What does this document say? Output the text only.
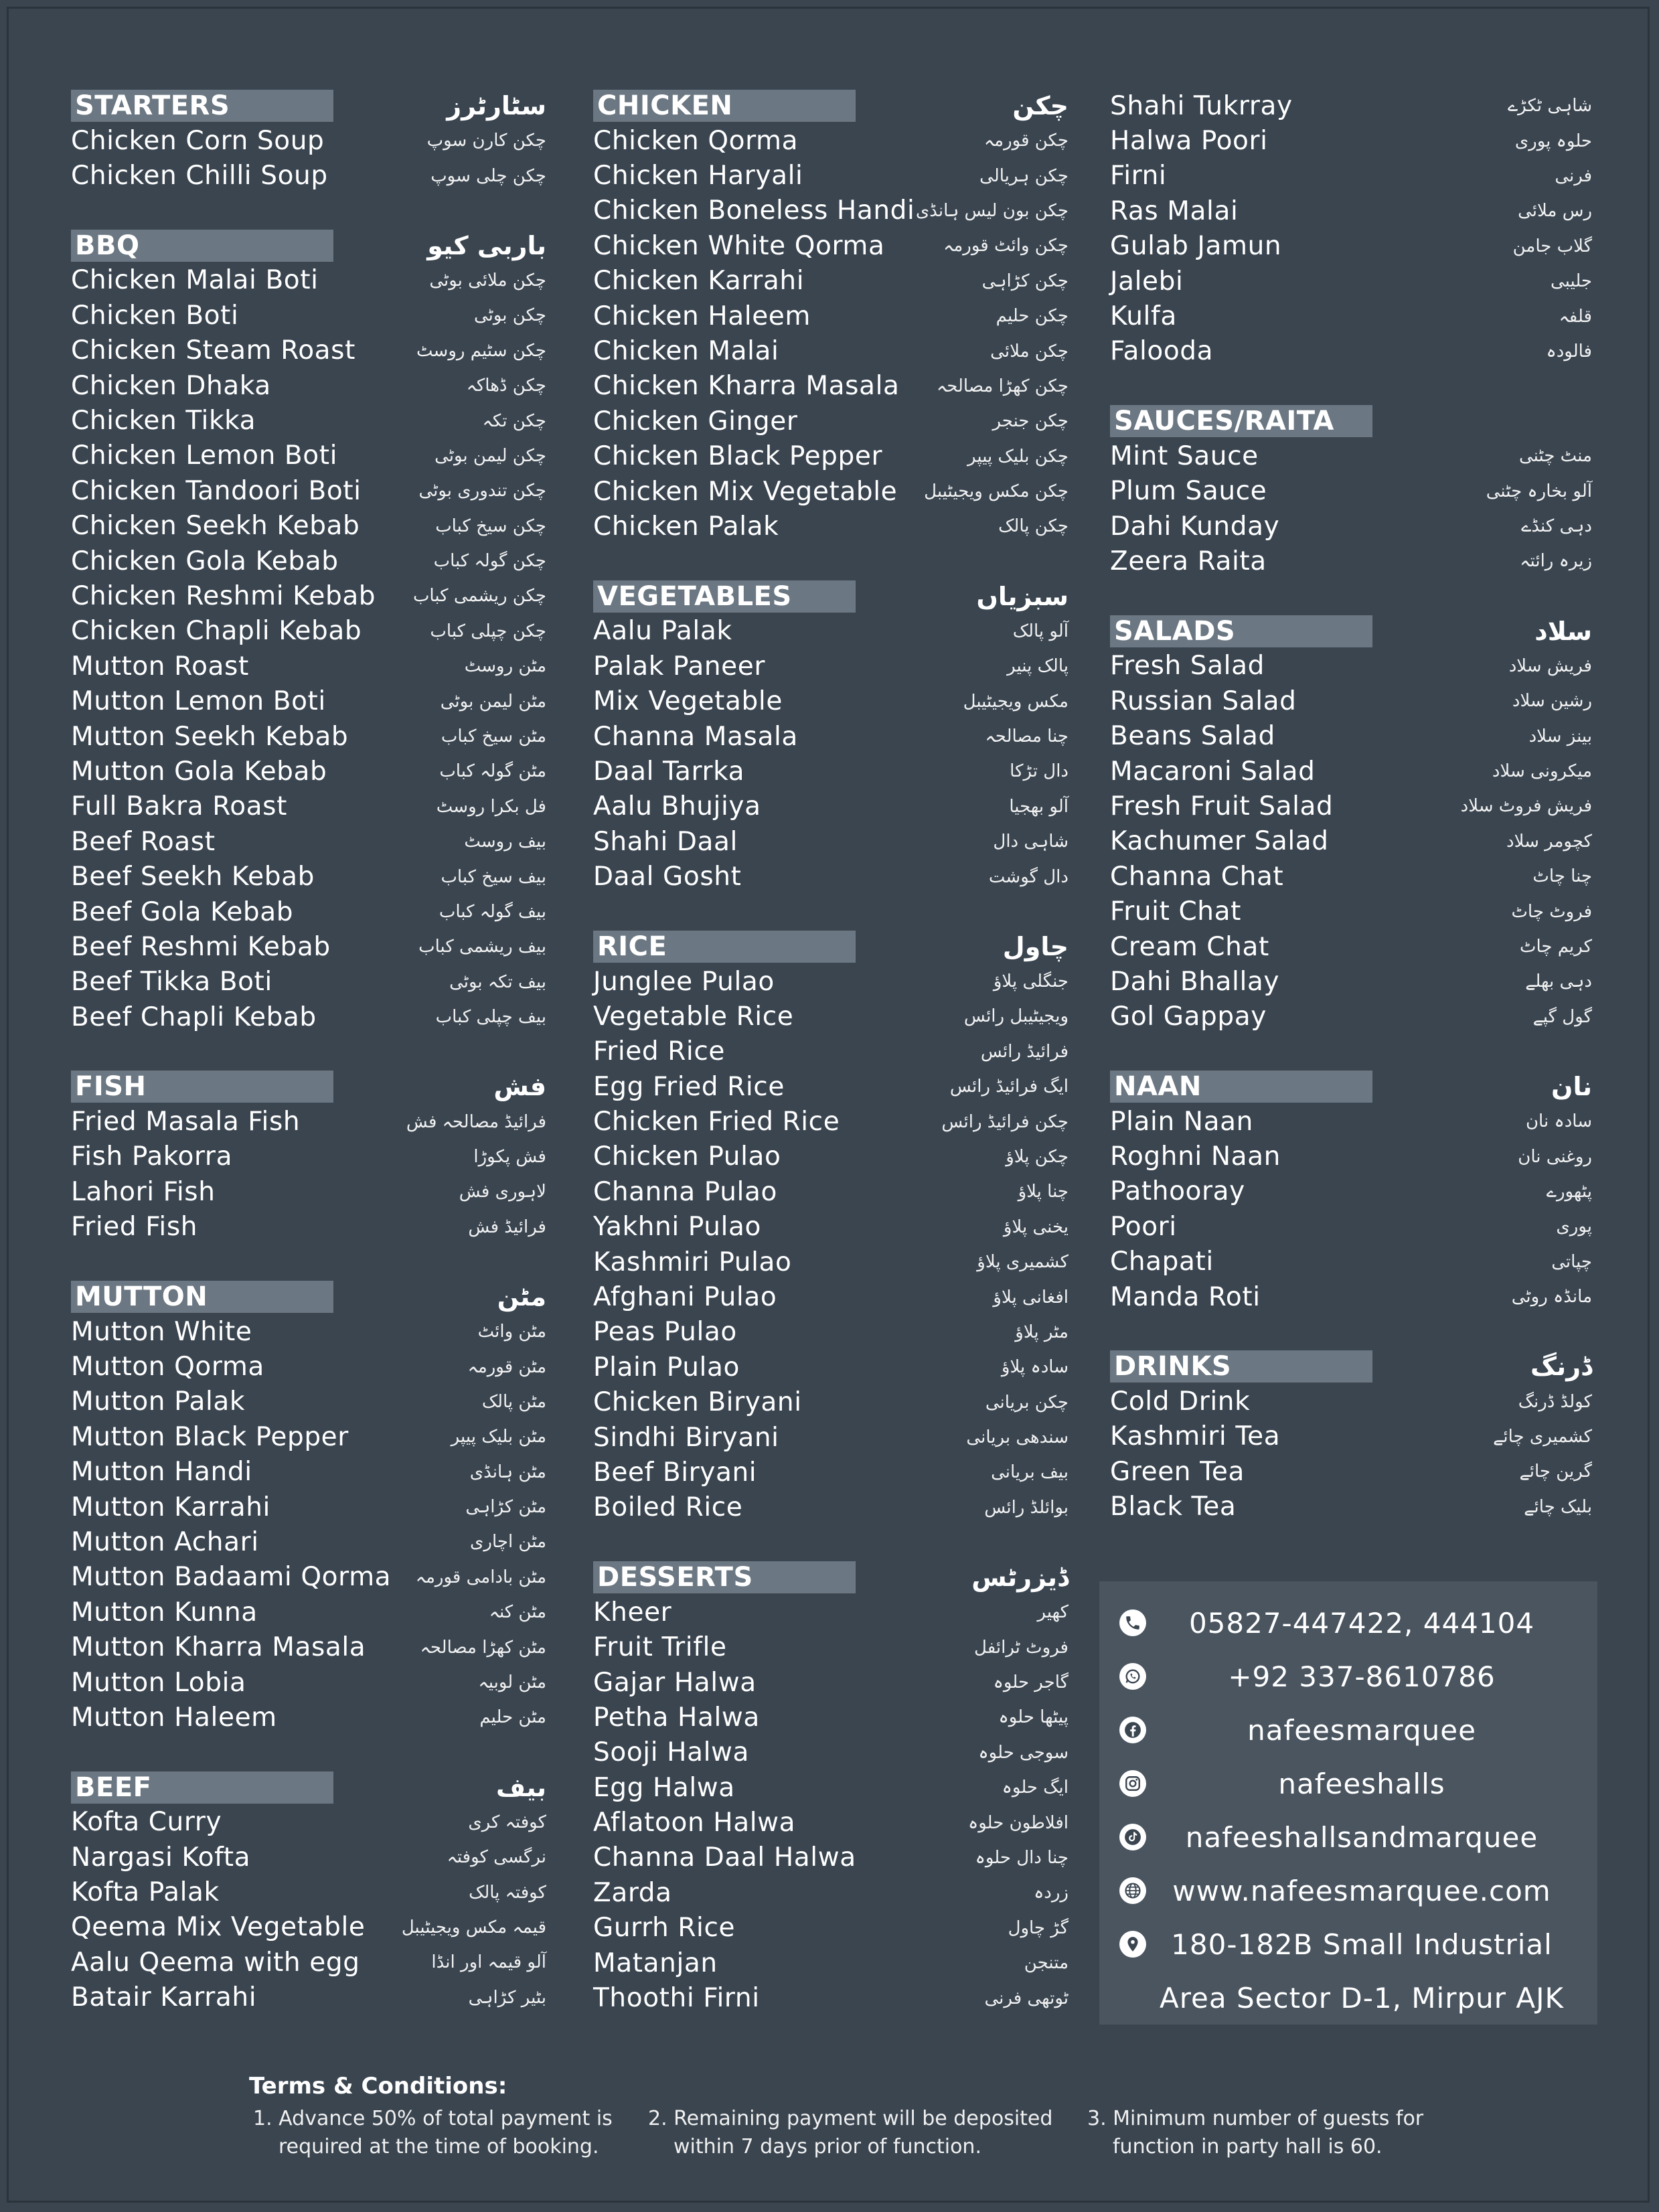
STARTERS	سٹارٹرز
Chicken Corn Soup	چکن کارن سوپ
Chicken Chilli Soup	چکن چلی سوپ
BBQ	باربی کیو
Chicken Malai Boti	چکن ملائی بوٹی
Chicken Boti	چکن بوٹی
Chicken Steam Roast	چکن سٹیم روسٹ
Chicken Dhaka	چکن ڈھاکہ
Chicken Tikka	چکن تکہ
Chicken Lemon Boti	چکن لیمن بوٹی
Chicken Tandoori Boti	چکن تندوری بوٹی
Chicken Seekh Kebab	چکن سیخ کباب
Chicken Gola Kebab	چکن گولہ کباب
Chicken Reshmi Kebab چکن ریشمی کباب
Chicken Chapli Kebab	چکن چپلی کباب
Mutton Roast	مٹن روسٹ
Mutton Lemon Boti	مٹن لیمن بوٹی
Mutton Seekh Kebab	مٹن سیخ کباب
Mutton Gola Kebab	مٹن گولہ کباب
Full Bakra Roast	فل بکرا روسٹ
Beef Roast	بیف روسٹ
Beef Seekh Kebab	بیف سیخ کباب
Beef Gola Kebab	بیف گولہ کباب
Beef Reshmi Kebab	بیف ریشمی کباب
Beef Tikka Boti	بیف تکہ بوٹی
Beef Chapli Kebab	بیف چپلی کباب
FISH	فش
Fried Masala Fish	فرائیڈ مصالحہ فش
Fish Pakorra	فش پکوڑا
Lahori Fish	لاہوری فش
Fried Fish	فرائیڈ فش
MUTTON	مٹن
Mutton White	مٹن وائٹ
Mutton Qorma	مٹن قورمہ
Mutton Palak	مٹن پالک
Mutton Black Pepper	مٹن بلیک پیپر
Mutton Handi	مٹن ہانڈی
Mutton Karrahi	مٹن کڑاہی
Mutton Achari	مٹن اچاری
Mutton Badaami Qorma مٹن بادامی قورمہ
Mutton Kunna	مٹن کنہ
Mutton Kharra Masala	مٹن کھڑا مصالحہ
Mutton Lobia	مٹن لوبیہ
Mutton Haleem	مٹن حلیم
BEEF	بیف
Kofta Curry	کوفتہ کری
Nargasi Kofta	نرگسی کوفتہ
Kofta Palak	کوفتہ پالک
Qeema Mix Vegetable قیمہ مکس ویجیٹیبل
Aalu Qeema with egg	آلو قیمہ اور انڈا
Batair Karrahi	بٹیر کڑاہی
CHICKEN	چکن
Chicken Qorma	چکن قورمہ
Chicken Haryali	چکن ہریالی
Chicken Boneless Handi چکن بون لیس ہانڈی
Chicken White Qorma	چکن وائٹ قورمہ
Chicken Karrahi	چکن کڑاہی
Chicken Haleem	چکن حلیم
Chicken Malai	چکن ملائی
Chicken Kharra Masala چکن کھڑا مصالحہ
Chicken Ginger	چکن جنجر
Chicken Black Pepper	چکن بلیک پیپر
Chicken Mix Vegetable چکن مکس ویجیٹیبل
Chicken Palak	چکن پالک
VEGETABLES	سبزیاں
Aalu Palak	آلو پالک
Palak Paneer	پالک پنیر
Mix Vegetable	مکس ویجیٹیبل
Channa Masala	چنا مصالحہ
Daal Tarrka	دال تڑکا
Aalu Bhujiya	آلو بھجیا
Shahi Daal	شاہی دال
Daal Gosht	دال گوشت
RICE	چاول
Junglee Pulao	جنگلی پلاؤ
Vegetable Rice	ویجیٹیبل رائس
Fried Rice	فرائیڈ رائس
Egg Fried Rice	ایگ فرائیڈ رائس
Chicken Fried Rice	چکن فرائیڈ رائس
Chicken Pulao	چکن پلاؤ
Channa Pulao	چنا پلاؤ
Yakhni Pulao	یخنی پلاؤ
Kashmiri Pulao	کشمیری پلاؤ
Afghani Pulao	افغانی پلاؤ
Peas Pulao	مٹر پلاؤ
Plain Pulao	سادہ پلاؤ
Chicken Biryani	چکن بریانی
Sindhi Biryani	سندھی بریانی
Beef Biryani	بیف بریانی
Boiled Rice	بوائلڈ رائس
DESSERTS	ڈیزرٹس
Kheer	کھیر
Fruit Trifle	فروٹ ٹرائفل
Gajar Halwa	گاجر حلوہ
Petha Halwa	پیٹھا حلوہ
Sooji Halwa	سوجی حلوہ
Egg Halwa	ایگ حلوہ
Aflatoon Halwa	افلاطون حلوہ
Channa Daal Halwa	چنا دال حلوہ
Zarda	زردہ
Gurrh Rice	گڑ چاول
Matanjan	متنجن
Thoothi Firni	ٹوتھی فرنی
Shahi Tukrray	شاہی ٹکڑے
Halwa Poori	حلوہ پوری
Firni	فرنی
Ras Malai	رس ملائی
Gulab Jamun	گلاب جامن
Jalebi	جلیبی
Kulfa	قلفہ
Falooda	فالودہ
SAUCES/RAITA
Mint Sauce	منٹ چٹنی
Plum Sauce	آلو بخارہ چٹنی
Dahi Kunday	دہی کنڈے
Zeera Raita	زیرہ رائتہ
SALADS	سلاد
Fresh Salad	فریش سلاد
Russian Salad	رشین سلاد
Beans Salad	بینز سلاد
Macaroni Salad	میکرونی سلاد
Fresh Fruit Salad	فریش فروٹ سلاد
Kachumer Salad	کچومر سلاد
Channa Chat	چنا چاٹ
Fruit Chat	فروٹ چاٹ
Cream Chat	کریم چاٹ
Dahi Bhallay	دہی بھلے
Gol Gappay	گول گپے
NAAN	نان
Plain Naan	سادہ نان
Roghni Naan	روغنی نان
Pathooray	پٹھورے
Poori	پوری
Chapati	چپاتی
Manda Roti	مانڈہ روٹی
DRINKS	ڈرنگ
Cold Drink	کولڈ ڈرنگ
Kashmiri Tea	کشمیری چائے
Green Tea	گرین چائے
Black Tea	بلیک چائے
05827-447422, 444104
+92 337-8610786
nafeesmarquee
nafeeshalls
nafeeshallsandmarquee
www.nafeesmarquee.com
180-182B Small Industrial
Area Sector D-1, Mirpur AJK
Terms & Conditions:
1. Advance 50% of total payment is
required at the time of booking.
2. Remaining payment will be deposited
within 7 days prior of function.
3. Minimum number of guests for
function in party hall is 60.
